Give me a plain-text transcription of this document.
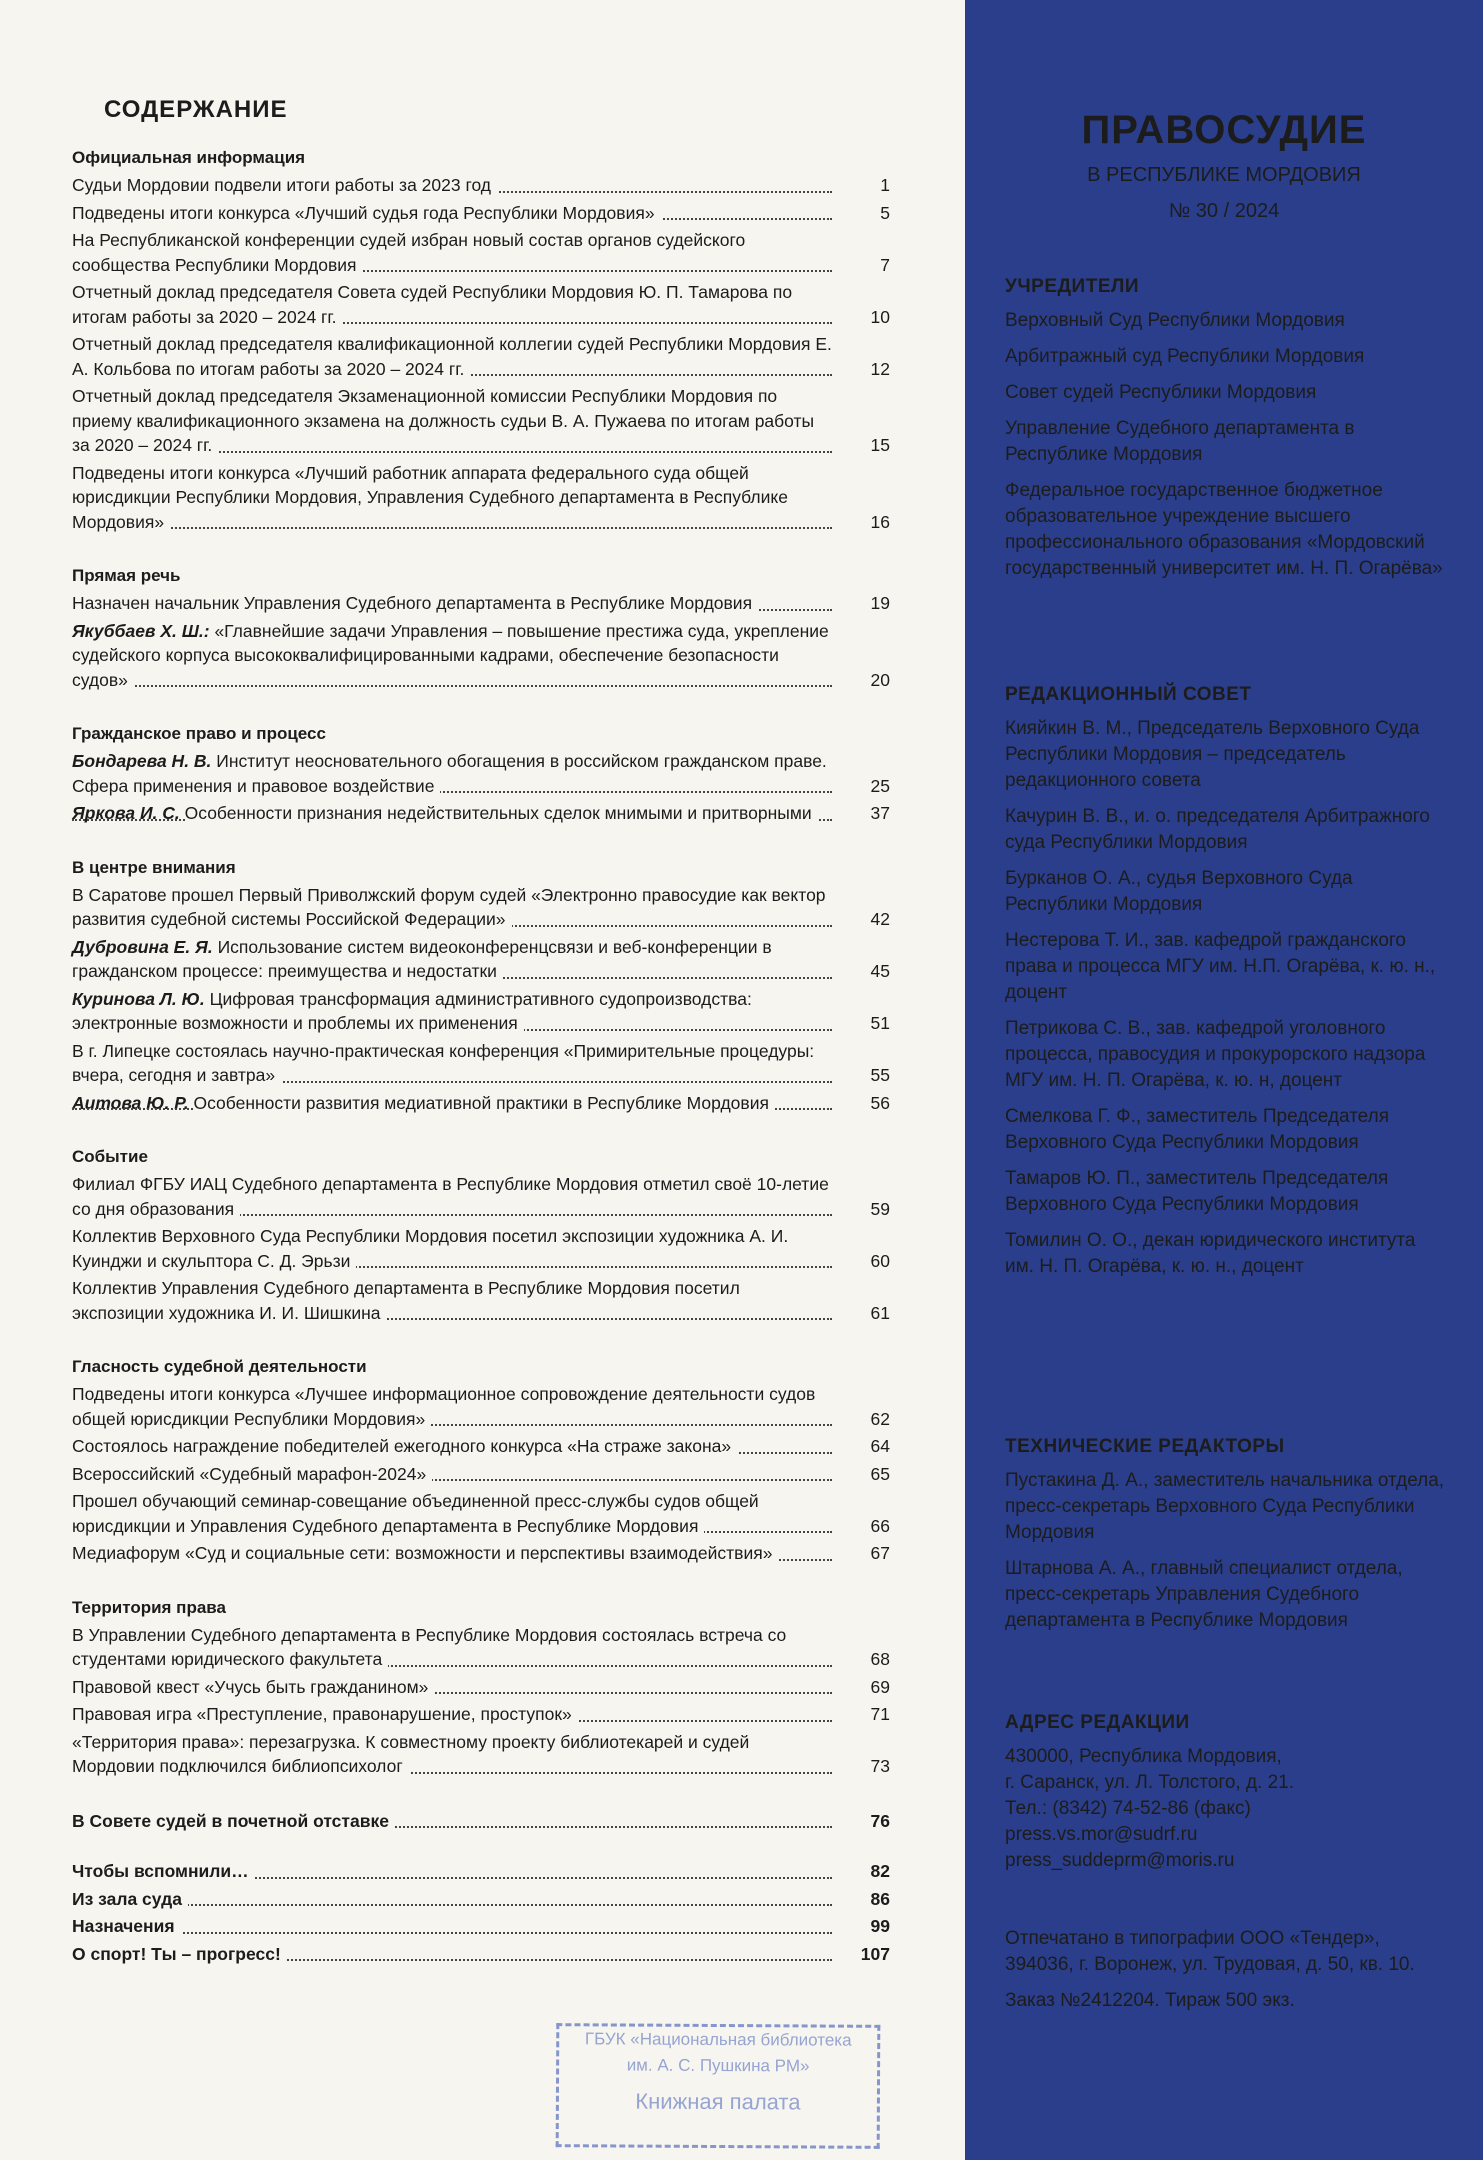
СОДЕРЖАНИЕ
Официальная информация
Судьи Мордовии подвели итоги работы за 2023 год	1
Подведены итоги конкурса «Лучший судья года Республики Мордовия»	5
На Республиканской конференции судей избран новый состав органов судейского сообщества Республики Мордовия	7
Отчетный доклад председателя Совета судей Республики Мордовия Ю. П. Тамарова по итогам работы за 2020 – 2024 гг.	10
Отчетный доклад председателя квалификационной коллегии судей Республики Мордовия Е. А. Кольбова по итогам работы за 2020 – 2024 гг.	12
Отчетный доклад председателя Экзаменационной комиссии Республики Мордовия по приему квалификационного экзамена на должность судьи В. А. Пужаева по итогам работы за 2020 – 2024 гг.	15
Подведены итоги конкурса «Лучший работник аппарата федерального суда общей юрисдикции Республики Мордовия, Управления Судебного департамента в Республике Мордовия»	16
Прямая речь
Назначен начальник Управления Судебного департамента в Республике Мордовия	19
Якуббаев Х. Ш.: «Главнейшие задачи Управления – повышение престижа суда, укрепление судейского корпуса высококвалифицированными кадрами, обеспечение безопасности судов»	20
Гражданское право и процесс
Бондарева Н. В. Институт неосновательного обогащения в российском гражданском праве. Сфера применения и правовое воздействие	25
Яркова И. С. Особенности признания недействительных сделок мнимыми и притворными	37
В центре внимания
В Саратове прошел Первый Приволжский форум судей «Электронно правосудие как вектор развития судебной системы Российской Федерации»	42
Дубровина Е. Я. Использование систем видеоконференцсвязи и веб-конференции в гражданском процессе: преимущества и недостатки	45
Куринова Л. Ю. Цифровая трансформация административного судопроизводства: электронные возможности и проблемы их применения	51
В г. Липецке состоялась научно-практическая конференция «Примирительные процедуры: вчера, сегодня и завтра»	55
Аитова Ю. Р. Особенности развития медиативной практики в Республике Мордовия	56
Событие
Филиал ФГБУ ИАЦ Судебного департамента в Республике Мордовия отметил своё 10-летие со дня образования	59
Коллектив Верховного Суда Республики Мордовия посетил экспозиции художника А. И. Куинджи и скульптора С. Д. Эрьзи	60
Коллектив Управления Судебного департамента в Республике Мордовия посетил экспозиции художника И. И. Шишкина	61
Гласность судебной деятельности
Подведены итоги конкурса «Лучшее информационное сопровождение деятельности судов общей юрисдикции Республики Мордовия»	62
Состоялось награждение победителей ежегодного конкурса «На страже закона»	64
Всероссийский «Судебный марафон-2024»	65
Прошел обучающий семинар-совещание объединенной пресс-службы судов общей юрисдикции и Управления Судебного департамента в Республике Мордовия	66
Медиафорум «Суд и социальные сети: возможности и перспективы взаимодействия»	67
Территория права
В Управлении Судебного департамента в Республике Мордовия состоялась встреча со студентами юридического факультета	68
Правовой квест «Учусь быть гражданином»	69
Правовая игра «Преступление, правонарушение, проступок»	71
«Территория права»: перезагрузка. К совместному проекту библиотекарей и судей Мордовии подключился библиопсихолог	73
В Совете судей в почетной отставке	76
Чтобы вспомнили…	82
Из зала суда	86
Назначения	99
О спорт! Ты – прогресс!	107
ГБУК «Национальная библиотека
им. А. С. Пушкина РМ»
Книжная палата
ПРАВОСУДИЕ
В РЕСПУБЛИКЕ МОРДОВИЯ
№ 30 / 2024
УЧРЕДИТЕЛИ
Верховный Суд Республики Мордовия
Арбитражный суд Республики Мордовия
Совет судей Республики Мордовия
Управление Судебного департамента в Республике Мордовия
Федеральное государственное бюджетное образовательное учреждение высшего профессионального образования «Мордовский государственный университет им. Н. П. Огарёва»
РЕДАКЦИОННЫЙ СОВЕТ
Кияйкин В. М., Председатель Верховного Суда Республики Мордовия – председатель редакционного совета
Качурин В. В., и. о. председателя Арбитражного суда Республики Мордовия
Бурканов О. А., судья Верховного Суда Республики Мордовия
Нестерова Т. И., зав. кафедрой гражданского права и процесса МГУ им. Н.П. Огарёва, к. ю. н., доцент
Петрикова С. В., зав. кафедрой уголовного процесса, правосудия и прокурорского надзора МГУ им. Н. П. Огарёва, к. ю. н, доцент
Смелкова Г. Ф., заместитель Председателя Верховного Суда Республики Мордовия
Тамаров Ю. П., заместитель Председателя Верховного Суда Республики Мордовия
Томилин О. О., декан юридического института им. Н. П. Огарёва, к. ю. н., доцент
ТЕХНИЧЕСКИЕ РЕДАКТОРЫ
Пустакина Д. А., заместитель начальника отдела, пресс-секретарь Верховного Суда Республики Мордовия
Штарнова А. А., главный специалист отдела, пресс-секретарь Управления Судебного департамента в Республике Мордовия
АДРЕС РЕДАКЦИИ
430000, Республика Мордовия,
г. Саранск, ул. Л. Толстого, д. 21.
Тел.: (8342) 74-52-86 (факс)
press.vs.mor@sudrf.ru
press_suddeprm@moris.ru
Отпечатано в типографии ООО «Тендер», 394036, г. Воронеж, ул. Трудовая, д. 50, кв. 10.
Заказ №2412204. Тираж 500 экз.
